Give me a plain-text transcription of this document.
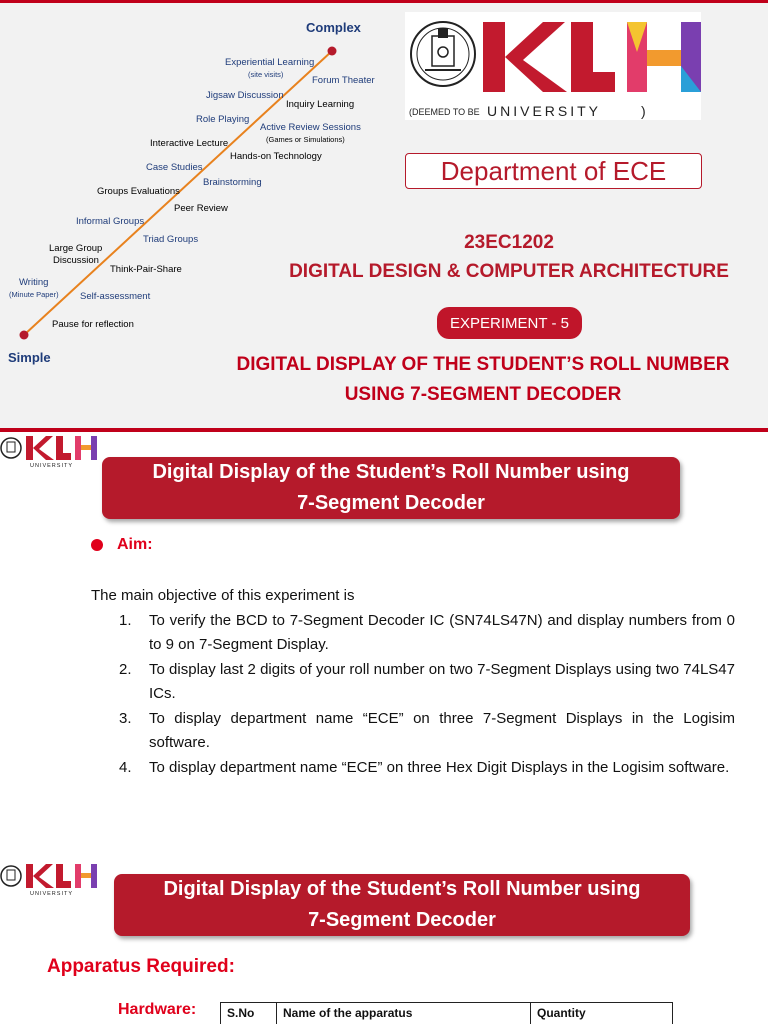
Complex
Simple
Experiential Learning
(site visits)
Jigsaw Discussion
Role Playing
Interactive Lecture
Case Studies
Groups Evaluations
Informal Groups
Large Group
Discussion
Writing
(Minute Paper)
Forum Theater
Inquiry Learning
Active Review Sessions
(Games or Simulations)
Hands-on Technology
Brainstorming
Peer Review
Triad Groups
Think-Pair-Share
Self-assessment
Pause for reflection
(DEEMED TO BE UNIVERSITY	)
Department of ECE
23EC1202
DIGITAL DESIGN & COMPUTER ARCHITECTURE
EXPERIMENT - 5
DIGITAL DISPLAY OF THE STUDENT’S ROLL NUMBER
USING 7-SEGMENT DECODER
UNIVERSITY	Digital Display of the Student’s Roll Number using
7-Segment Decoder
Aim:
The main objective of this experiment is
1.	To verify the BCD to 7-Segment Decoder IC (SN74LS47N) and display numbers from 0 to 9 on 7-Segment Display.
2.	To display last 2 digits of your roll number on two 7-Segment Displays using two 74LS47 ICs.
3.	To display department name “ECE” on three 7-Segment Displays in the Logisim software.
4.	To display department name “ECE” on three Hex Digit Displays in the Logisim software.
UNIVERSITY	Digital Display of the Student’s Roll Number using
7-Segment Decoder
Apparatus Required:
Hardware:	S.No	Name of the apparatus	Quantity
